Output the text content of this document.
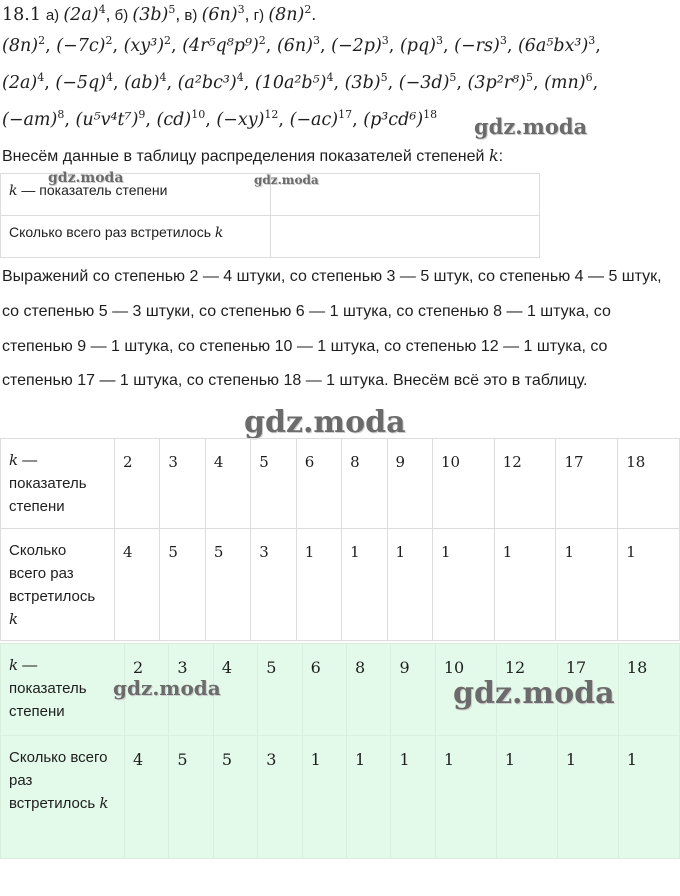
18.1 а) $(2a)^4$, б) $(3b)^5$, в) $(6n)^3$, г) $(8n)^2$.
$(8n)^2$, $(-7c)^2$, $(xy^3)^2$, $(4r^5q^8p^9)^2$, $(6n)^3$, $(-2p)^3$, (pq)$^3$, $(-rs)^3$, $(6a^5bx^3)^3$,
$(2a)^4$, $(-5q)^4$, (ab)$^4$, $(a^2bc^3)^4$, $(10a^2b^5)^4$, $(3b)^5$, $(-3d)^5$, $(3p^2r^8)^5$, (mn)$^6$,
$(-am)^8$, $(u^5v^4t^7)^9$, (cd)$^{10}$, $(-xy)^{12}$, $(-ac)^{17}$, $(p^3cd^6)^{18}$ gdz.moda
Внесём данные в таблицу распределения показателей степеней k:
k — показатель степени	
Сколько всего раз встретилось k	
gdz.moda	gdz.moda
Выражений со степенью 2 — 4 штуки, со степенью 3 — 5 штук, со степенью 4 — 5 штук, со степенью 5 — 3 штуки, со степенью 6 — 1 штука, со степенью 8 — 1 штука, со степенью 9 — 1 штука, со степенью 10 — 1 штука, со степенью 12 — 1 штука, со степенью 17 — 1 штука, со степенью 18 — 1 штука. Внесём всё это в таблицу.
gdz.moda
k — показатель степени	2	3	4	5	6	8	9	10	12	17	18
Сколько всего раз встретилось k	4	5	5	3	1	1	1	1	1	1	1
k — показатель степени	2	3	4	5	6	8	9	10	12	17	18
Сколько всего раз встретилось k	4	5	5	3	1	1	1	1	1	1	1
gdz.moda	gdz.moda
